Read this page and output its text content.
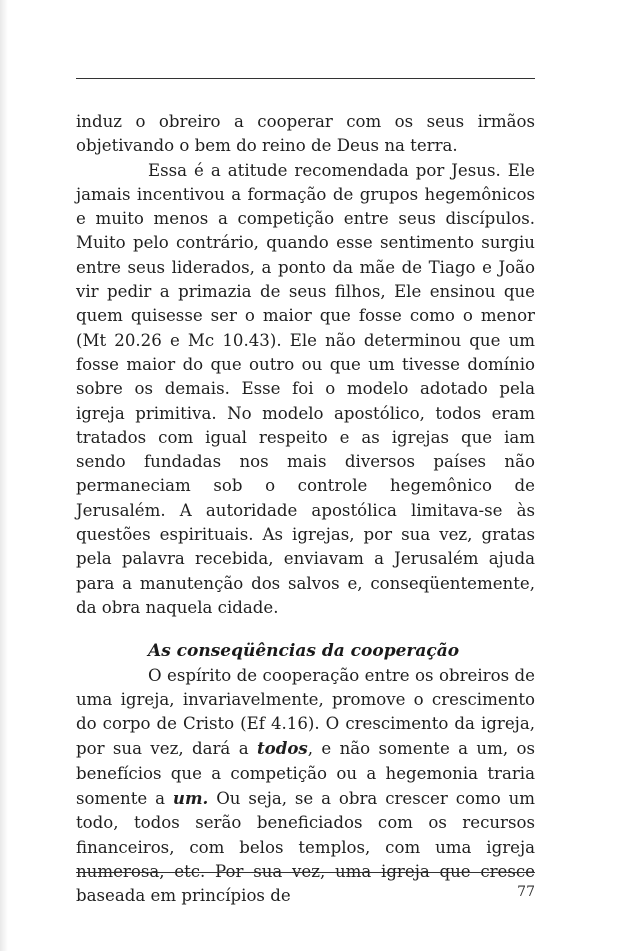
induz o obreiro a cooperar com os seus irmãos objetivando o bem do reino de Deus na terra.

Essa é a atitude recomendada por Jesus. Ele jamais incentivou a formação de grupos hegemônicos e muito menos a competição entre seus discípulos. Muito pelo contrário, quando esse sentimento surgiu entre seus liderados, a ponto da mãe de Tiago e João vir pedir a primazia de seus filhos, Ele ensinou que quem quisesse ser o maior que fosse como o menor (Mt 20.26 e Mc 10.43). Ele não determinou que um fosse maior do que outro ou que um tivesse domínio sobre os demais. Esse foi o modelo adotado pela igreja primitiva. No modelo apostólico, todos eram tratados com igual respeito e as igrejas que iam sendo fundadas nos mais diversos países não permaneciam sob o controle hegemônico de Jerusalém. A autoridade apostólica limitava-se às questões espirituais. As igrejas, por sua vez, gratas pela palavra recebida, enviavam a Jerusalém ajuda para a manutenção dos salvos e, conseqüentemente, da obra naquela cidade.

As conseqüências da cooperação

O espírito de cooperação entre os obreiros de uma igreja, invariavelmente, promove o crescimento do corpo de Cristo (Ef 4.16). O crescimento da igreja, por sua vez, dará a todos, e não somente a um, os benefícios que a competição ou a hegemonia traria somente a um. Ou seja, se a obra crescer como um todo, todos serão beneficiados com os recursos financeiros, com belos templos, com uma igreja numerosa, etc. Por sua vez, uma igreja que cresce baseada em princípios de	77
